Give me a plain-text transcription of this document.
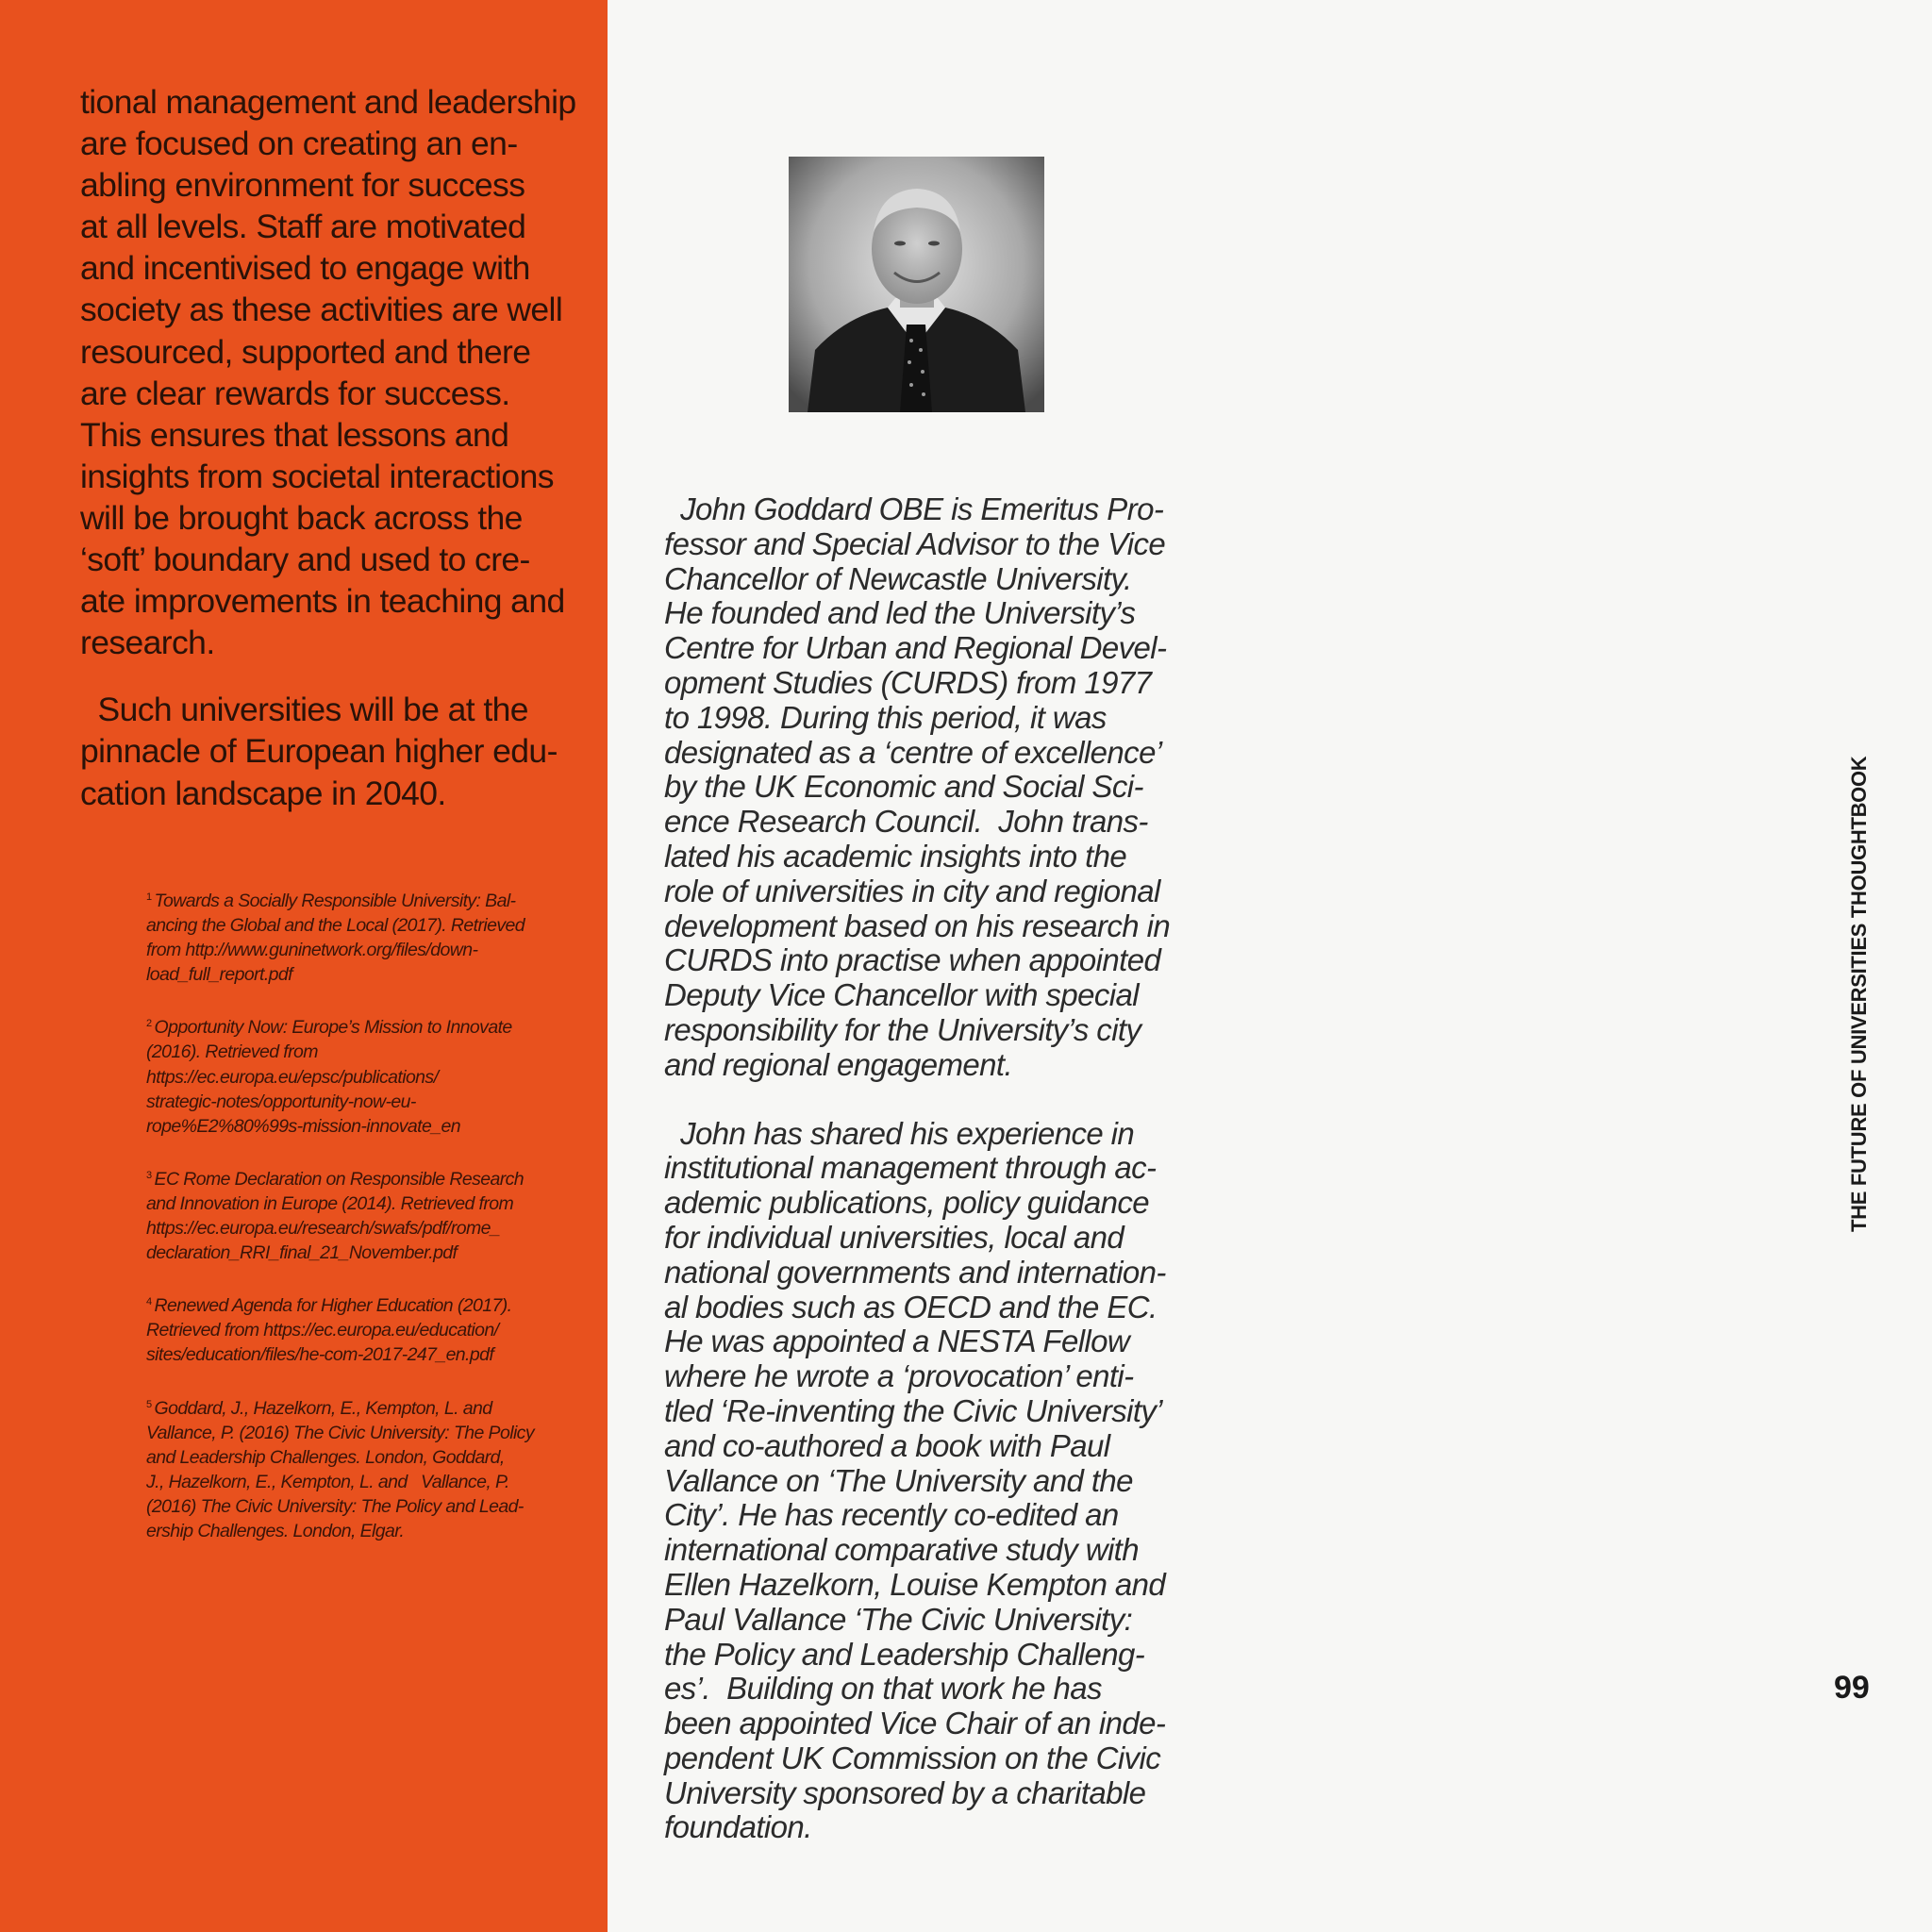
tional management and leadership
are focused on creating an en-
abling environment for success
at all levels. Staff are motivated
and incentivised to engage with
society as these activities are well
resourced, supported and there
are clear rewards for success.
This ensures that lessons and
insights from societal interactions
will be brought back across the
‘soft’ boundary and used to cre-
ate improvements in teaching and
research.
Such universities will be at the
pinnacle of European higher edu-
cation landscape in 2040.
$^1$ Towards a Socially Responsible University: Bal-
ancing the Global and the Local (2017). Retrieved
from http://www.guninetwork.org/files/down-
load_full_report.pdf
$^2$ Opportunity Now: Europe’s Mission to Innovate
(2016). Retrieved from
https://ec.europa.eu/epsc/publications/
strategic-notes/opportunity-now-eu-
rope%E2%80%99s-mission-innovate_en
$^3$ EC Rome Declaration on Responsible Research
and Innovation in Europe (2014). Retrieved from
https://ec.europa.eu/research/swafs/pdf/rome_
declaration_RRI_final_21_November.pdf
$^4$ Renewed Agenda for Higher Education (2017).
Retrieved from https://ec.europa.eu/education/
sites/education/files/he-com-2017-247_en.pdf
$^5$ Goddard, J., Hazelkorn, E., Kempton, L. and
Vallance, P. (2016) The Civic University: The Policy
and Leadership Challenges. London, Goddard,
J., Hazelkorn, E., Kempton, L. and   Vallance, P.
(2016) The Civic University: The Policy and Lead-
ership Challenges. London, Elgar.
John Goddard OBE is Emeritus Pro-
fessor and Special Advisor to the Vice
Chancellor of Newcastle University.
He founded and led the University’s
Centre for Urban and Regional Devel-
opment Studies (CURDS) from 1977
to 1998. During this period, it was
designated as a ‘centre of excellence’
by the UK Economic and Social Sci-
ence Research Council.  John trans-
lated his academic insights into the
role of universities in city and regional
development based on his research in
CURDS into practise when appointed
Deputy Vice Chancellor with special
responsibility for the University’s city
and regional engagement.
John has shared his experience in
institutional management through ac-
ademic publications, policy guidance
for individual universities, local and
national governments and internation-
al bodies such as OECD and the EC.
He was appointed a NESTA Fellow
where he wrote a ‘provocation’ enti-
tled ‘Re-inventing the Civic University’
and co-authored a book with Paul
Vallance on ‘The University and the
City’. He has recently co-edited an
international comparative study with
Ellen Hazelkorn, Louise Kempton and
Paul Vallance ‘The Civic University:
the Policy and Leadership Challeng-
es’.  Building on that work he has
been appointed Vice Chair of an inde-
pendent UK Commission on the Civic
University sponsored by a charitable
foundation.
THE FUTURE OF UNIVERSITIES THOUGHTBOOK
99
